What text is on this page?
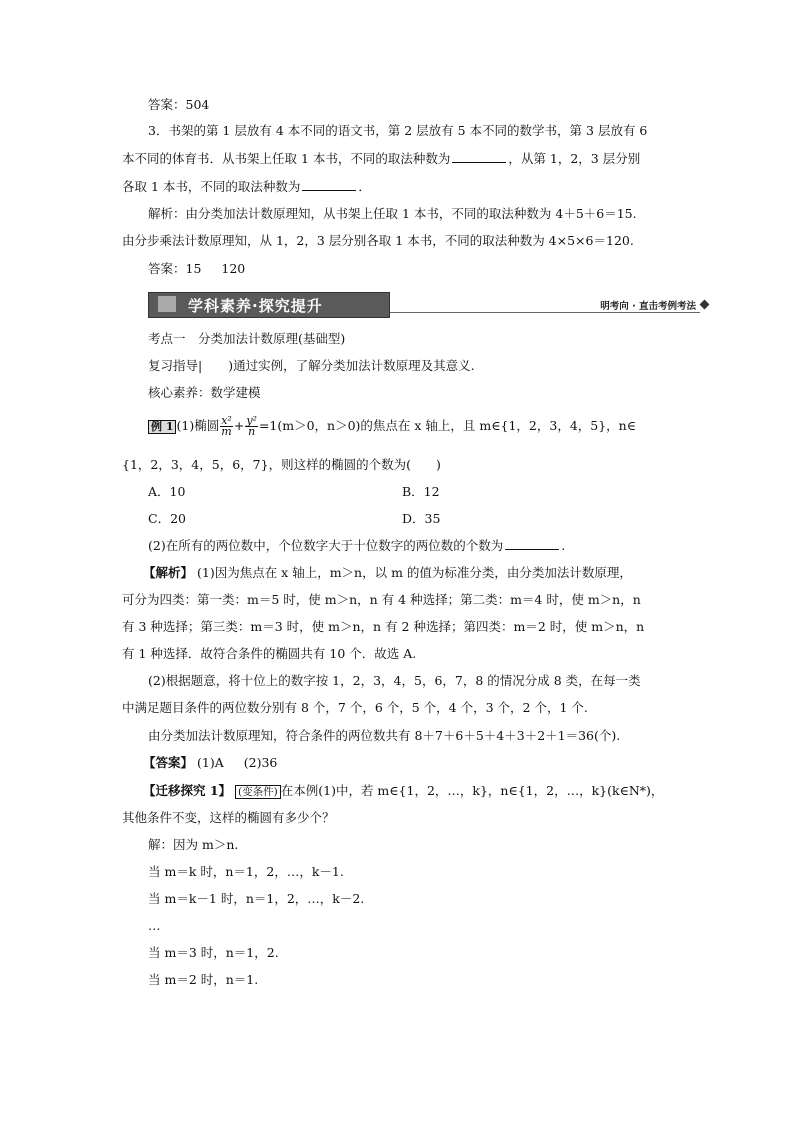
答案：504
3．书架的第 1 层放有 4 本不同的语文书，第 2 层放有 5 本不同的数学书，第 3 层放有 6
本不同的体育书．从书架上任取 1 本书，不同的取法种数为	，从第 1，2，3 层分别
各取 1 本书，不同的取法种数为	．
解析：由分类加法计数原理知，从书架上任取 1 本书，不同的取法种数为 4＋5＋6＝15.
由分步乘法计数原理知，从 1，2，3 层分别各取 1 本书，不同的取法种数为 4×5×6＝120.
答案：15 120
学科素养·探究提升	明考向 · 直击考例考法
考点一　分类加法计数原理(基础型)
复习指导| )通过实例，了解分类加法计数原理及其意义.
核心素养：数学建模
例 1 (1)椭圆 $\frac{\text{x²}}{m} + \frac{\text{y²}}{n} =1(m>0$，n＞0)的焦点在 x 轴上，且 m∈{1，2，3，4，5}，n∈
{1，2，3，4，5，6，7}，则这样的椭圆的个数为(　　)
A．10	B．12
C．20	D．35
(2)在所有的两位数中，个位数字大于十位数字的两位数的个数为	.
【解析】 (1)因为焦点在 x 轴上，m＞n，以 m 的值为标准分类，由分类加法计数原理，
可分为四类：第一类：m＝5 时，使 m＞n，n 有 4 种选择；第二类：m＝4 时，使 m＞n，n
有 3 种选择；第三类：m＝3 时，使 m＞n，n 有 2 种选择；第四类：m＝2 时，使 m＞n，n
有 1 种选择．故符合条件的椭圆共有 10 个．故选 A.
(2)根据题意，将十位上的数字按 1，2，3，4，5，6，7，8 的情况分成 8 类，在每一类
中满足题目条件的两位数分别有 8 个，7 个，6 个，5 个，4 个，3 个，2 个，1 个.
由分类加法计数原理知，符合条件的两位数共有 8＋7＋6＋5＋4＋3＋2＋1＝36(个).
【答案】 (1)A (2)36
【迁移探究 1】 (变条件) 在本例(1)中，若 m∈{1，2，…，k}，n∈{1，2，…，k}(k∈N*)，
其他条件不变，这样的椭圆有多少个？
解：因为 m＞n.
当 m＝k 时，n＝1，2，…，k－1.
当 m＝k－1 时，n＝1，2，…，k－2.
…
当 m＝3 时，n＝1，2.
当 m＝2 时，n＝1.
